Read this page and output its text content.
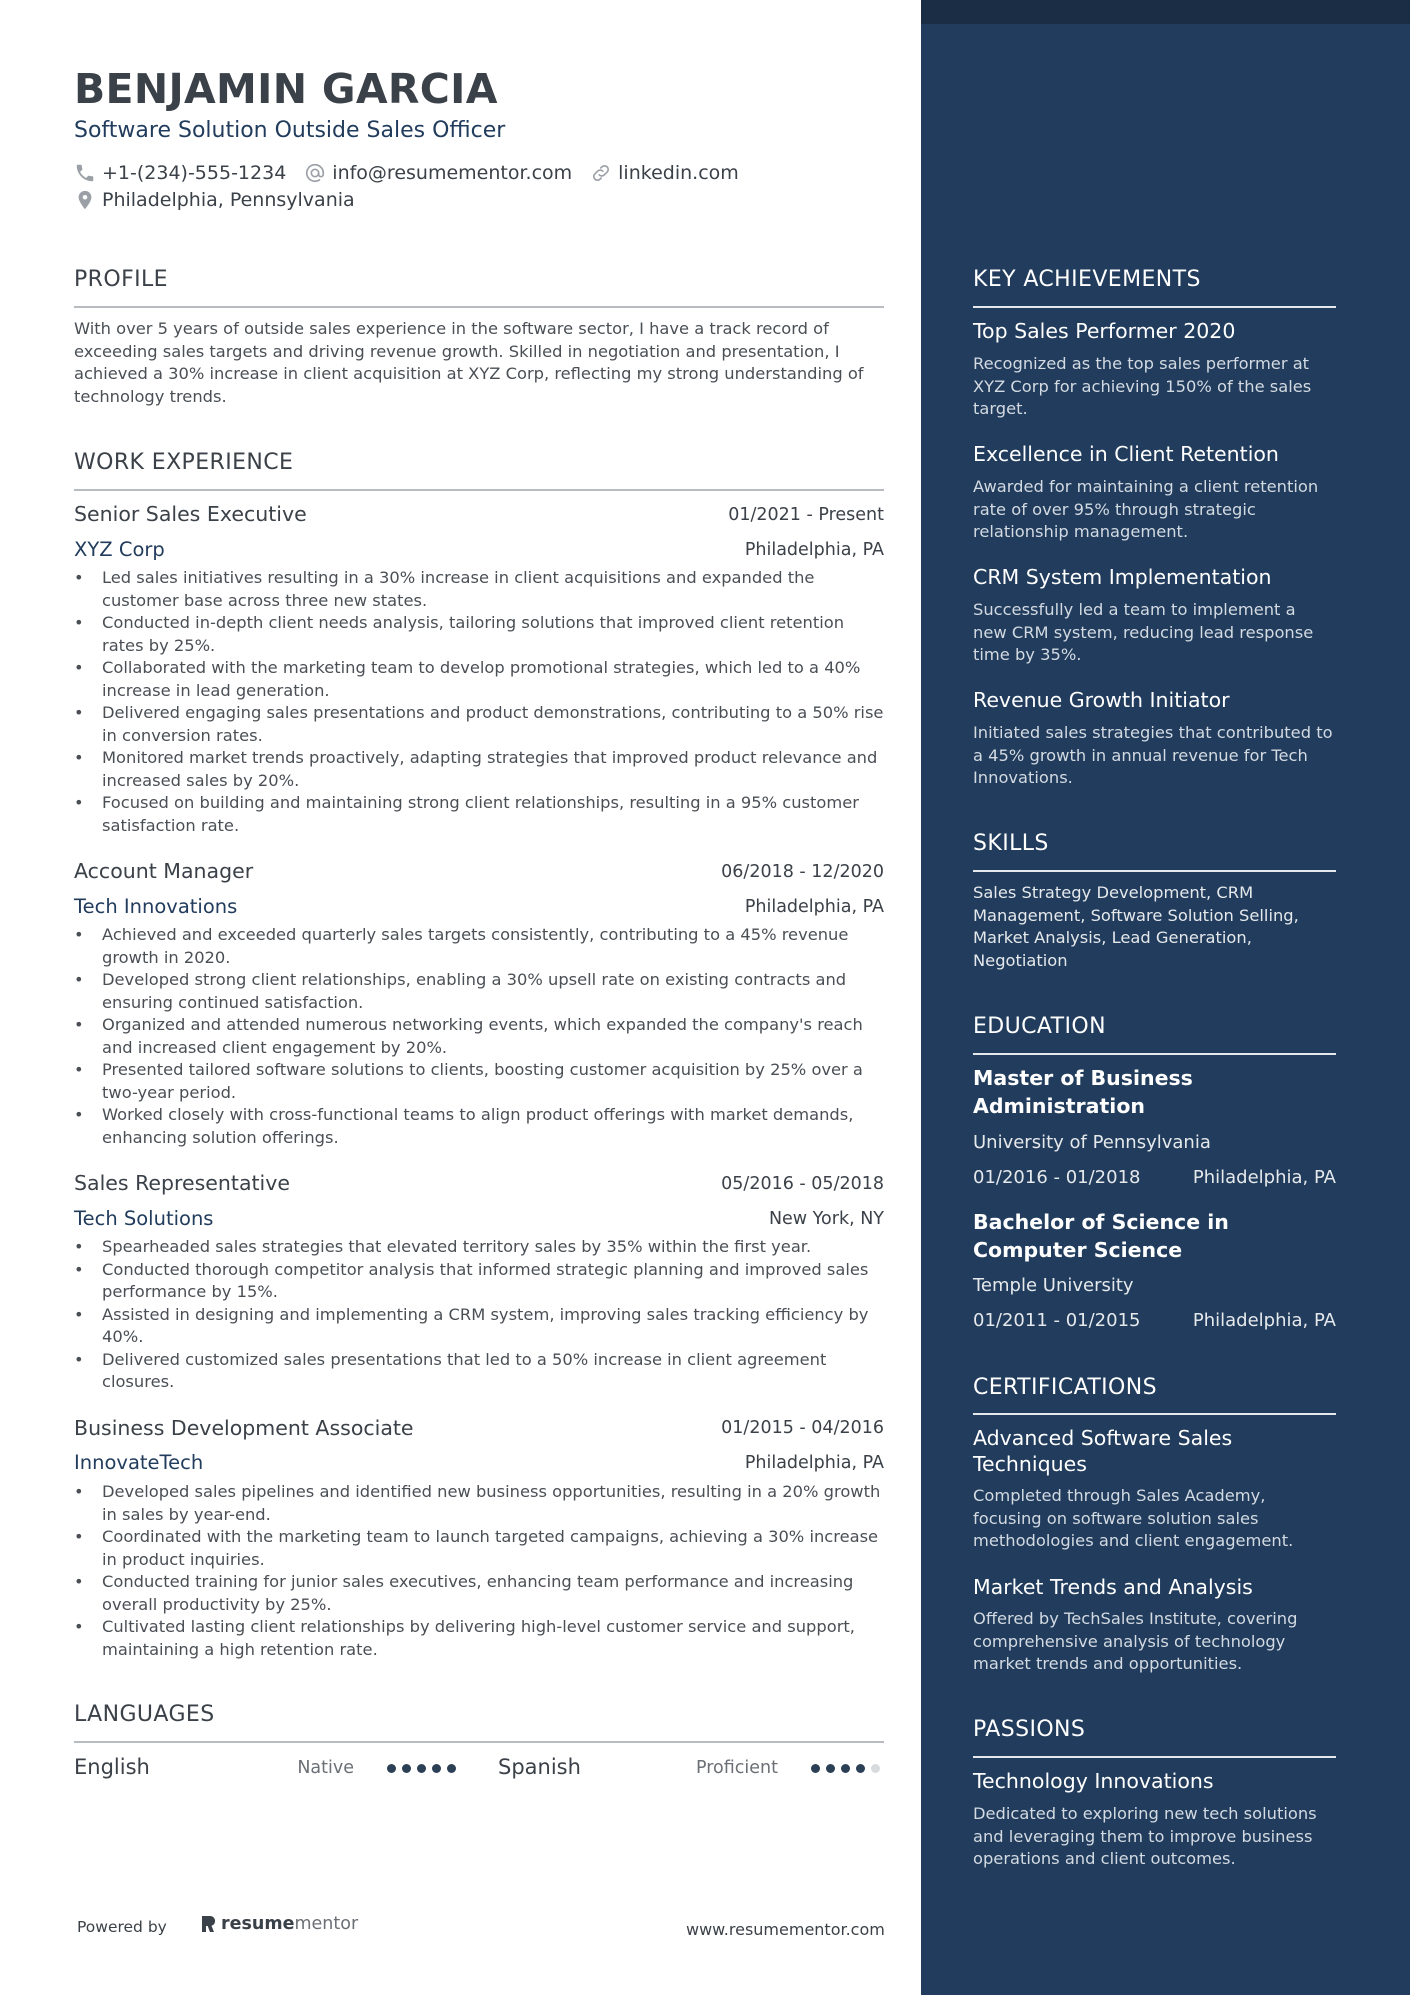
BENJAMIN GARCIA
Software Solution Outside Sales Officer
+1-(234)-555-1234 info@resumementor.com linkedin.com
Philadelphia, Pennsylvania
PROFILE
With over 5 years of outside sales experience in the software sector, I have a track record of exceeding sales targets and driving revenue growth. Skilled in negotiation and presentation, I achieved a 30% increase in client acquisition at XYZ Corp, reflecting my strong understanding of technology trends.
WORK EXPERIENCE
Senior Sales Executive	01/2021 - Present
XYZ Corp	Philadelphia, PA
• Led sales initiatives resulting in a 30% increase in client acquisitions and expanded the customer base across three new states.
• Conducted in-depth client needs analysis, tailoring solutions that improved client retention rates by 25%.
• Collaborated with the marketing team to develop promotional strategies, which led to a 40% increase in lead generation.
• Delivered engaging sales presentations and product demonstrations, contributing to a 50% rise in conversion rates.
• Monitored market trends proactively, adapting strategies that improved product relevance and increased sales by 20%.
• Focused on building and maintaining strong client relationships, resulting in a 95% customer satisfaction rate.
Account Manager	06/2018 - 12/2020
Tech Innovations	Philadelphia, PA
• Achieved and exceeded quarterly sales targets consistently, contributing to a 45% revenue growth in 2020.
• Developed strong client relationships, enabling a 30% upsell rate on existing contracts and ensuring continued satisfaction.
• Organized and attended numerous networking events, which expanded the company's reach and increased client engagement by 20%.
• Presented tailored software solutions to clients, boosting customer acquisition by 25% over a two-year period.
• Worked closely with cross-functional teams to align product offerings with market demands, enhancing solution offerings.
Sales Representative	05/2016 - 05/2018
Tech Solutions	New York, NY
• Spearheaded sales strategies that elevated territory sales by 35% within the first year.
• Conducted thorough competitor analysis that informed strategic planning and improved sales performance by 15%.
• Assisted in designing and implementing a CRM system, improving sales tracking efficiency by 40%.
• Delivered customized sales presentations that led to a 50% increase in client agreement closures.
Business Development Associate	01/2015 - 04/2016
InnovateTech	Philadelphia, PA
• Developed sales pipelines and identified new business opportunities, resulting in a 20% growth in sales by year-end.
• Coordinated with the marketing team to launch targeted campaigns, achieving a 30% increase in product inquiries.
• Conducted training for junior sales executives, enhancing team performance and increasing overall productivity by 25%.
• Cultivated lasting client relationships by delivering high-level customer service and support, maintaining a high retention rate.
LANGUAGES
English	Native	Spanish	Proficient
Powered by	resume mentor	www.resumementor.com
KEY ACHIEVEMENTS
Top Sales Performer 2020
Recognized as the top sales performer at XYZ Corp for achieving 150% of the sales target.
Excellence in Client Retention
Awarded for maintaining a client retention rate of over 95% through strategic relationship management.
CRM System Implementation
Successfully led a team to implement a new CRM system, reducing lead response time by 35%.
Revenue Growth Initiator
Initiated sales strategies that contributed to a 45% growth in annual revenue for Tech Innovations.
SKILLS
Sales Strategy Development, CRM Management, Software Solution Selling, Market Analysis, Lead Generation, Negotiation
EDUCATION
Master of Business Administration
University of Pennsylvania
01/2016 - 01/2018	Philadelphia, PA
Bachelor of Science in Computer Science
Temple University
01/2011 - 01/2015	Philadelphia, PA
CERTIFICATIONS
Advanced Software Sales Techniques
Completed through Sales Academy, focusing on software solution sales methodologies and client engagement.
Market Trends and Analysis
Offered by TechSales Institute, covering comprehensive analysis of technology market trends and opportunities.
PASSIONS
Technology Innovations
Dedicated to exploring new tech solutions and leveraging them to improve business operations and client outcomes.
